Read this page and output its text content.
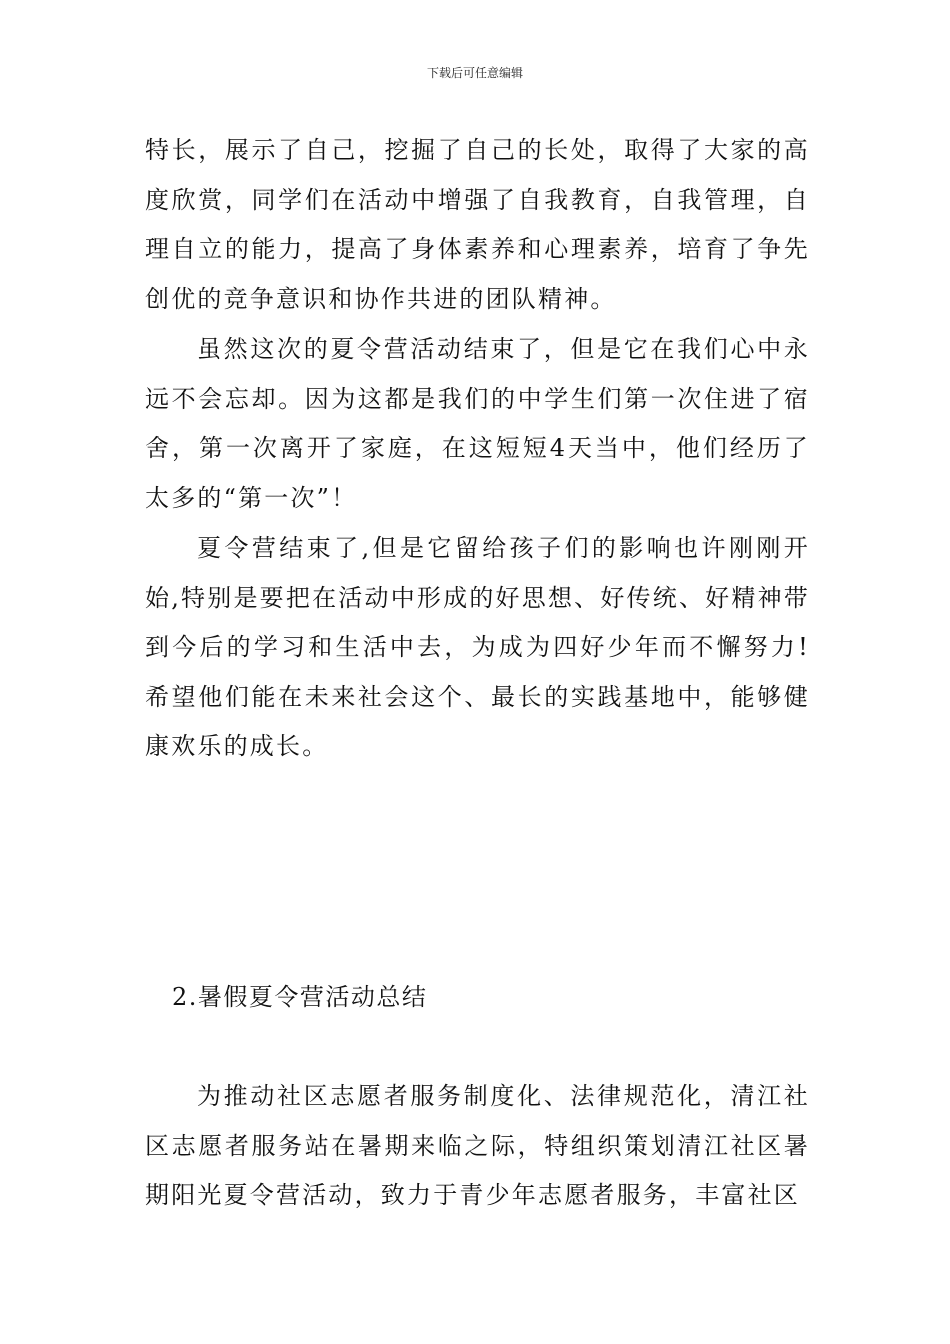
下载后可任意编辑

特长，展示了自己，挖掘了自己的长处，取得了大家的高度欣赏，同学们在活动中增强了自我教育，自我管理，自理自立的能力，提高了身体素养和心理素养，培育了争先创优的竞争意识和协作共进的团队精神。

虽然这次的夏令营活动结束了，但是它在我们心中永远不会忘却。因为这都是我们的中学生们第一次住进了宿舍，第一次离开了家庭，在这短短4天当中，他们经历了太多的“第一次”！

夏令营结束了,但是它留给孩子们的影响也许刚刚开始,特别是要把在活动中形成的好思想、好传统、好精神带到今后的学习和生活中去，为成为四好少年而不懈努力!希望他们能在未来社会这个、最长的实践基地中，能够健康欢乐的成长。

2.暑假夏令营活动总结

为推动社区志愿者服务制度化、法律规范化，清江社区志愿者服务站在暑期来临之际，特组织策划清江社区暑期阳光夏令营活动，致力于青少年志愿者服务，丰富社区
